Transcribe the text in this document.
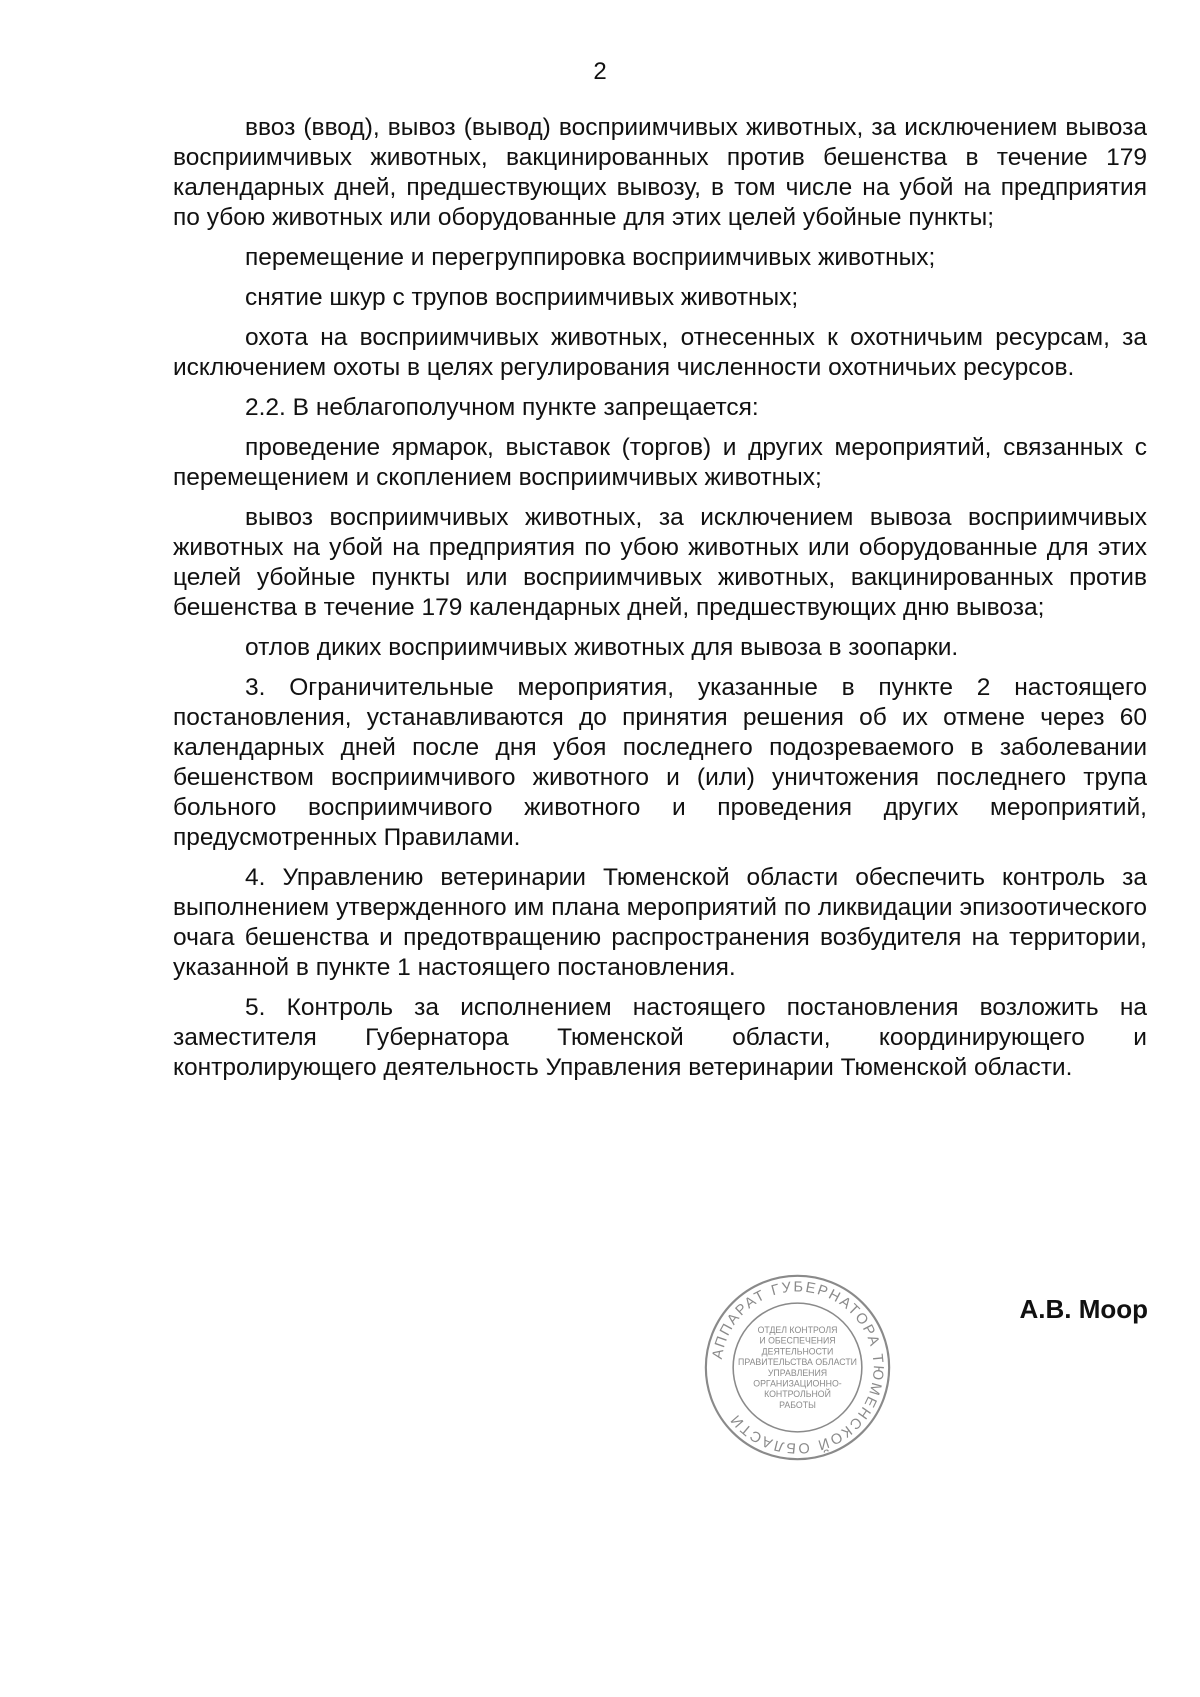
2

ввоз (ввод), вывоз (вывод) восприимчивых животных, за исключением вывоза восприимчивых животных, вакцинированных против бешенства в течение 179 календарных дней, предшествующих вывозу, в том числе на убой на предприятия по убою животных или оборудованные для этих целей убойные пункты;

перемещение и перегруппировка восприимчивых животных;

снятие шкур с трупов восприимчивых животных;

охота на восприимчивых животных, отнесенных к охотничьим ресурсам, за исключением охоты в целях регулирования численности охотничьих ресурсов.

2.2. В неблагополучном пункте запрещается:

проведение ярмарок, выставок (торгов) и других мероприятий, связанных с перемещением и скоплением восприимчивых животных;

вывоз восприимчивых животных, за исключением вывоза восприимчивых животных на убой на предприятия по убою животных или оборудованные для этих целей убойные пункты или восприимчивых животных, вакцинированных против бешенства в течение 179 календарных дней, предшествующих дню вывоза;

отлов диких восприимчивых животных для вывоза в зоопарки.

3. Ограничительные мероприятия, указанные в пункте 2 настоящего постановления, устанавливаются до принятия решения об их отмене через 60 календарных дней после дня убоя последнего подозреваемого в заболевании бешенством восприимчивого животного и (или) уничтожения последнего трупа больного восприимчивого животного и проведения других мероприятий, предусмотренных Правилами.

4. Управлению ветеринарии Тюменской области обеспечить контроль за выполнением утвержденного им плана мероприятий по ликвидации эпизоотического очага бешенства и предотвращению распространения возбудителя на территории, указанной в пункте 1 настоящего постановления.

5. Контроль за исполнением настоящего постановления возложить на заместителя Губернатора Тюменской области, координирующего и контролирующего деятельность Управления ветеринарии Тюменской области.

АППАРАТ ГУБЕРНАТОРА ТЮМЕНСКОЙ ОБЛАСТИ
ОТДЕЛ КОНТРОЛЯ
И ОБЕСПЕЧЕНИЯ
ДЕЯТЕЛЬНОСТИ
ПРАВИТЕЛЬСТВА ОБЛАСТИ
УПРАВЛЕНИЯ
ОРГАНИЗАЦИОННО-
КОНТРОЛЬНОЙ
РАБОТЫ
А.В. Моор
